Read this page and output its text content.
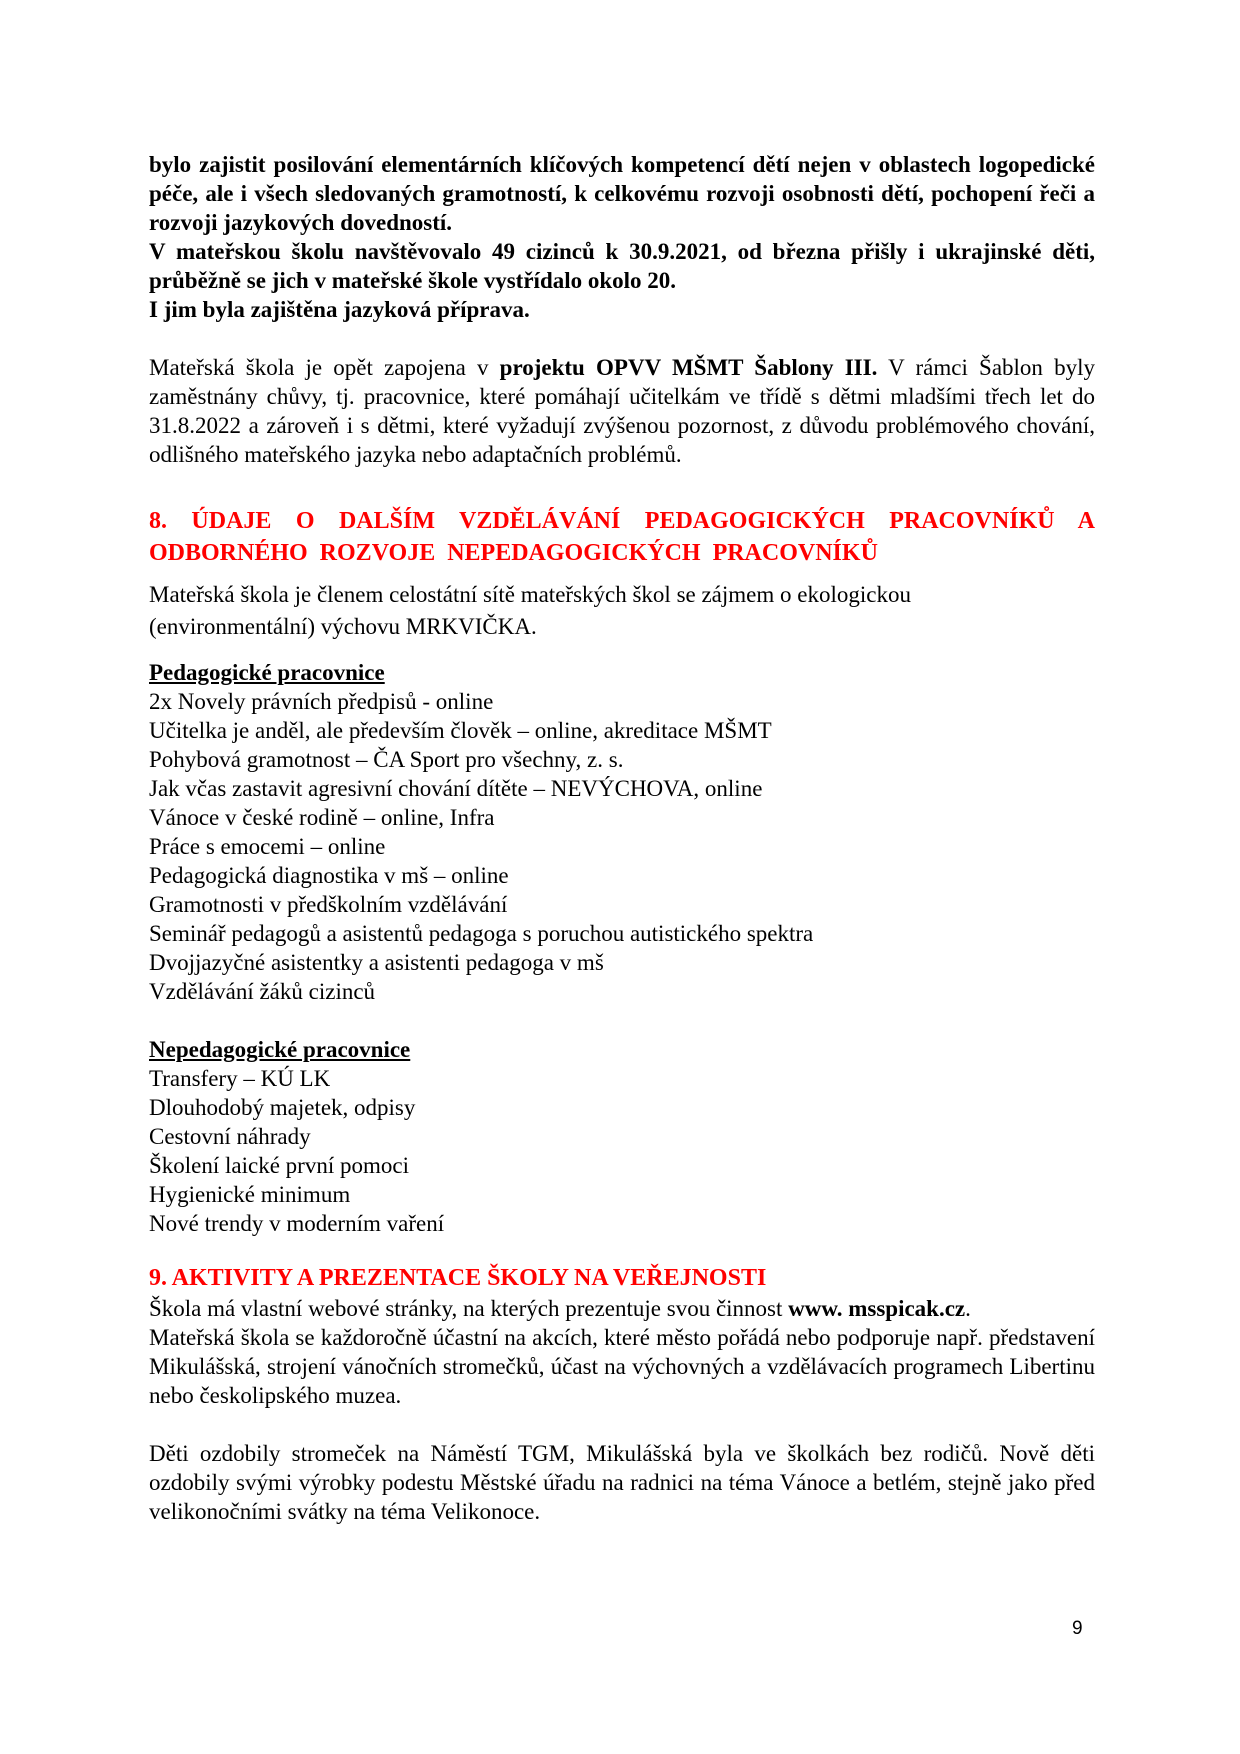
bylo zajistit posilování elementárních klíčových kompetencí dětí nejen v oblastech logopedické péče, ale i všech sledovaných gramotností, k celkovému rozvoji osobnosti dětí, pochopení řeči a rozvoji jazykových dovedností.

V mateřskou školu navštěvovalo 49 cizinců k 30.9.2021, od března přišly i ukrajinské děti, průběžně se jich v mateřské škole vystřídalo okolo 20.

I jim byla zajištěna jazyková příprava.

Mateřská škola je opět zapojena v projektu OPVV MŠMT Šablony III. V rámci Šablon byly zaměstnány chůvy, tj. pracovnice, které pomáhají učitelkám ve třídě s dětmi mladšími třech let do 31.8.2022 a zároveň i s dětmi, které vyžadují zvýšenou pozornost, z důvodu problémového chování, odlišného mateřského jazyka nebo adaptačních problémů.

8. ÚDAJE O DALŠÍM VZDĚLÁVÁNÍ PEDAGOGICKÝCH PRACOVNÍKŮ A ODBORNÉHO ROZVOJE NEPEDAGOGICKÝCH PRACOVNÍKŮ

Mateřská škola je členem celostátní sítě mateřských škol se zájmem o ekologickou

(environmentální) výchovu MRKVIČKA.

Pedagogické pracovnice
2x Novely právních předpisů - online
Učitelka je anděl, ale především člověk – online, akreditace MŠMT
Pohybová gramotnost – ČA Sport pro všechny, z. s.
Jak včas zastavit agresivní chování dítěte – NEVÝCHOVA, online
Vánoce v české rodině – online, Infra
Práce s emocemi – online
Pedagogická diagnostika v mš – online
Gramotnosti v předškolním vzdělávání
Seminář pedagogů a asistentů pedagoga s poruchou autistického spektra
Dvojjazyčné asistentky a asistenti pedagoga v mš
Vzdělávání žáků cizinců
Nepedagogické pracovnice
Transfery – KÚ LK
Dlouhodobý majetek, odpisy
Cestovní náhrady
Školení laické první pomoci
Hygienické minimum
Nové trendy v moderním vaření
9. AKTIVITY A PREZENTACE ŠKOLY NA VEŘEJNOSTI

Škola má vlastní webové stránky, na kterých prezentuje svou činnost www. msspicak.cz.

Mateřská škola se každoročně účastní na akcích, které město pořádá nebo podporuje např. představení Mikulášská, strojení vánočních stromečků, účast na výchovných a vzdělávacích programech Libertinu nebo českolipského muzea.

Děti ozdobily stromeček na Náměstí TGM, Mikulášská byla ve školkách bez rodičů. Nově děti ozdobily svými výrobky podestu Městské úřadu na radnici na téma Vánoce a betlém, stejně jako před velikonočními svátky na téma Velikonoce.

9
